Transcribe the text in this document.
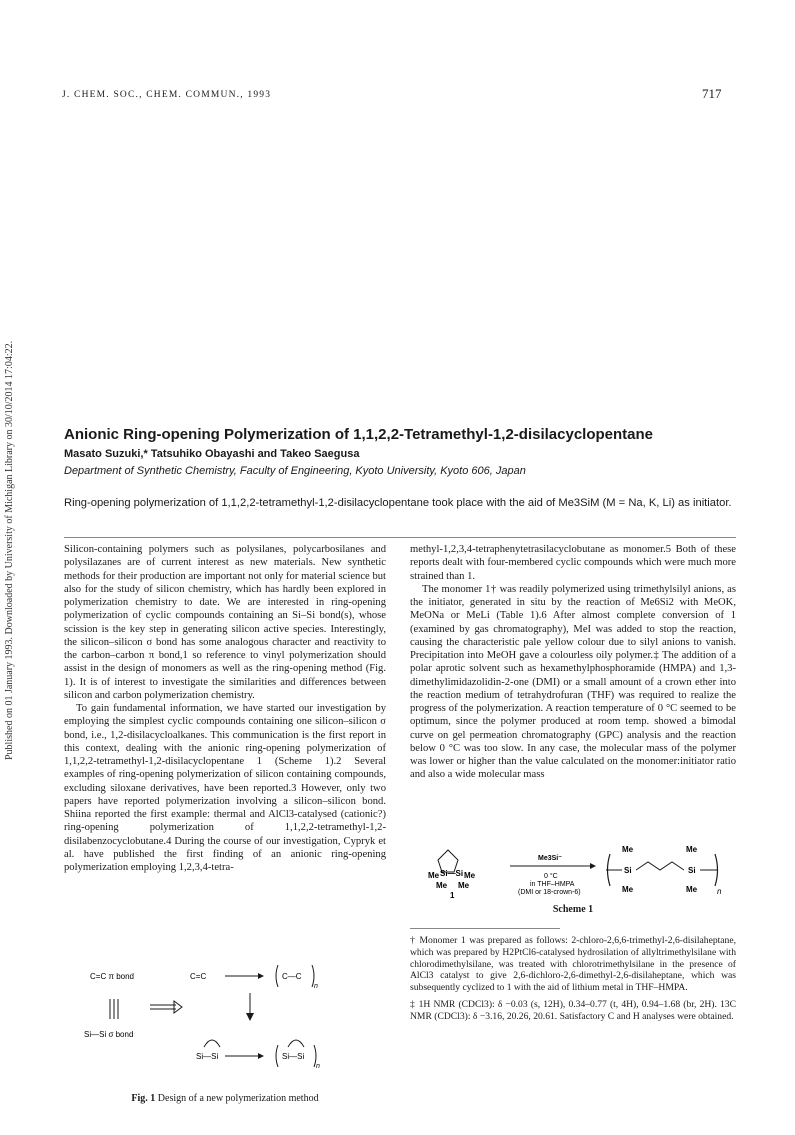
J. CHEM. SOC., CHEM. COMMUN., 1993	717
Published on 01 January 1993. Downloaded by University of Michigan Library on 30/10/2014 17:04:22.	Anionic Ring-opening Polymerization of 1,1,2,2-Tetramethyl-1,2-disilacyclopentane
Masato Suzuki,* Tatsuhiko Obayashi and Takeo Saegusa
Department of Synthetic Chemistry, Faculty of Engineering, Kyoto University, Kyoto 606, Japan
Ring-opening polymerization of 1,1,2,2-tetramethyl-1,2-disilacyclopentane took place with the aid of Me3SiM (M = Na, K, Li) as initiator.

Silicon-containing polymers such as polysilanes, polycarbosilanes and polysilazanes are of current interest as new materials. New synthetic methods for their production are important not only for material science but also for the study of silicon chemistry, which has hardly been explored in polymerization chemistry to date. We are interested in ring-opening polymerization of cyclic compounds containing an Si–Si bond(s), whose scission is the key step in generating silicon active species. Interestingly, the silicon–silicon σ bond has some analogous character and reactivity to the carbon–carbon π bond,1 so reference to vinyl polymerization should assist in the design of monomers as well as the ring-opening method (Fig. 1). It is of interest to investigate the similarities and differences between silicon and carbon polymerization chemistry.

To gain fundamental information, we have started our investigation by employing the simplest cyclic compounds containing one silicon–silicon σ bond, i.e., 1,2-disilacycloalkanes. This communication is the first report in this context, dealing with the anionic ring-opening polymerization of 1,1,2,2-tetramethyl-1,2-disilacyclopentane 1 (Scheme 1).2 Several examples of ring-opening polymerization of silicon containing compounds, excluding siloxane derivatives, have been reported.3 However, only two papers have reported polymerization involving a silicon–silicon bond. Shiina reported the first example: thermal and AlCl3-catalysed (cationic?) ring-opening polymerization of 1,1,2,2-tetramethyl-1,2-disilabenzocyclobutane.4 During the course of our investigation, Cypryk et al. have published the first finding of an anionic ring-opening polymerization employing 1,2,3,4-tetra-

methyl-1,2,3,4-tetraphenytetrasilacyclobutane as monomer.5 Both of these reports dealt with four-membered cyclic compounds which were much more strained than 1.

The monomer 1† was readily polymerized using trimethylsilyl anions, as the initiator, generated in situ by the reaction of Me6Si2 with MeOK, MeONa or MeLi (Table 1).6 After almost complete conversion of 1 (examined by gas chromatography), MeI was added to stop the reaction, causing the characteristic pale yellow colour due to silyl anions to vanish. Precipitation into MeOH gave a colourless oily polymer.‡ The addition of a polar aprotic solvent such as hexamethylphosphoramide (HMPA) and 1,3-dimethylimidazolidin-2-one (DMI) or a small amount of a crown ether into the reaction medium of tetrahydrofuran (THF) was required to realize the progress of the polymerization. A reaction temperature of 0 °C seemed to be optimum, since the polymer produced at room temp. showed a bimodal curve on gel permeation chromatography (GPC) analysis and the reaction below 0 °C was too slow. In any case, the molecular mass of the polymer was lower or higher than the value calculated on the monomer:initiator ratio and also a wide molecular mass

Me Si—Si Me
Me Me
1
Me3Si⁻
0 °C
in THF–HMPA
(DMI or 18-crown-6)
Me
Si
Me
Me
Si
Me n
Scheme 1
C=C π bond	C=C	C—C
n
Si—Si σ bond
Si—Si	Si—Si
n
Fig. 1 Design of a new polymerization method

† Monomer 1 was prepared as follows: 2-chloro-2,6,6-trimethyl-2,6-disilaheptane, which was prepared by H2PtCl6-catalysed hydrosilation of allyltrimethylsilane with chlorodimethylsilane, was treated with chlorotrimethylsilane in the presence of AlCl3 catalyst to give 2,6-dichloro-2,6-dimethyl-2,6-disilaheptane, which was subsequently cyclized to 1 with the aid of lithium metal in THF–HMPA.

‡ 1H NMR (CDCl3): δ −0.03 (s, 12H), 0.34–0.77 (t, 4H), 0.94–1.68 (br, 2H). 13C NMR (CDCl3): δ −3.16, 20.26, 20.61. Satisfactory C and H analyses were obtained.
